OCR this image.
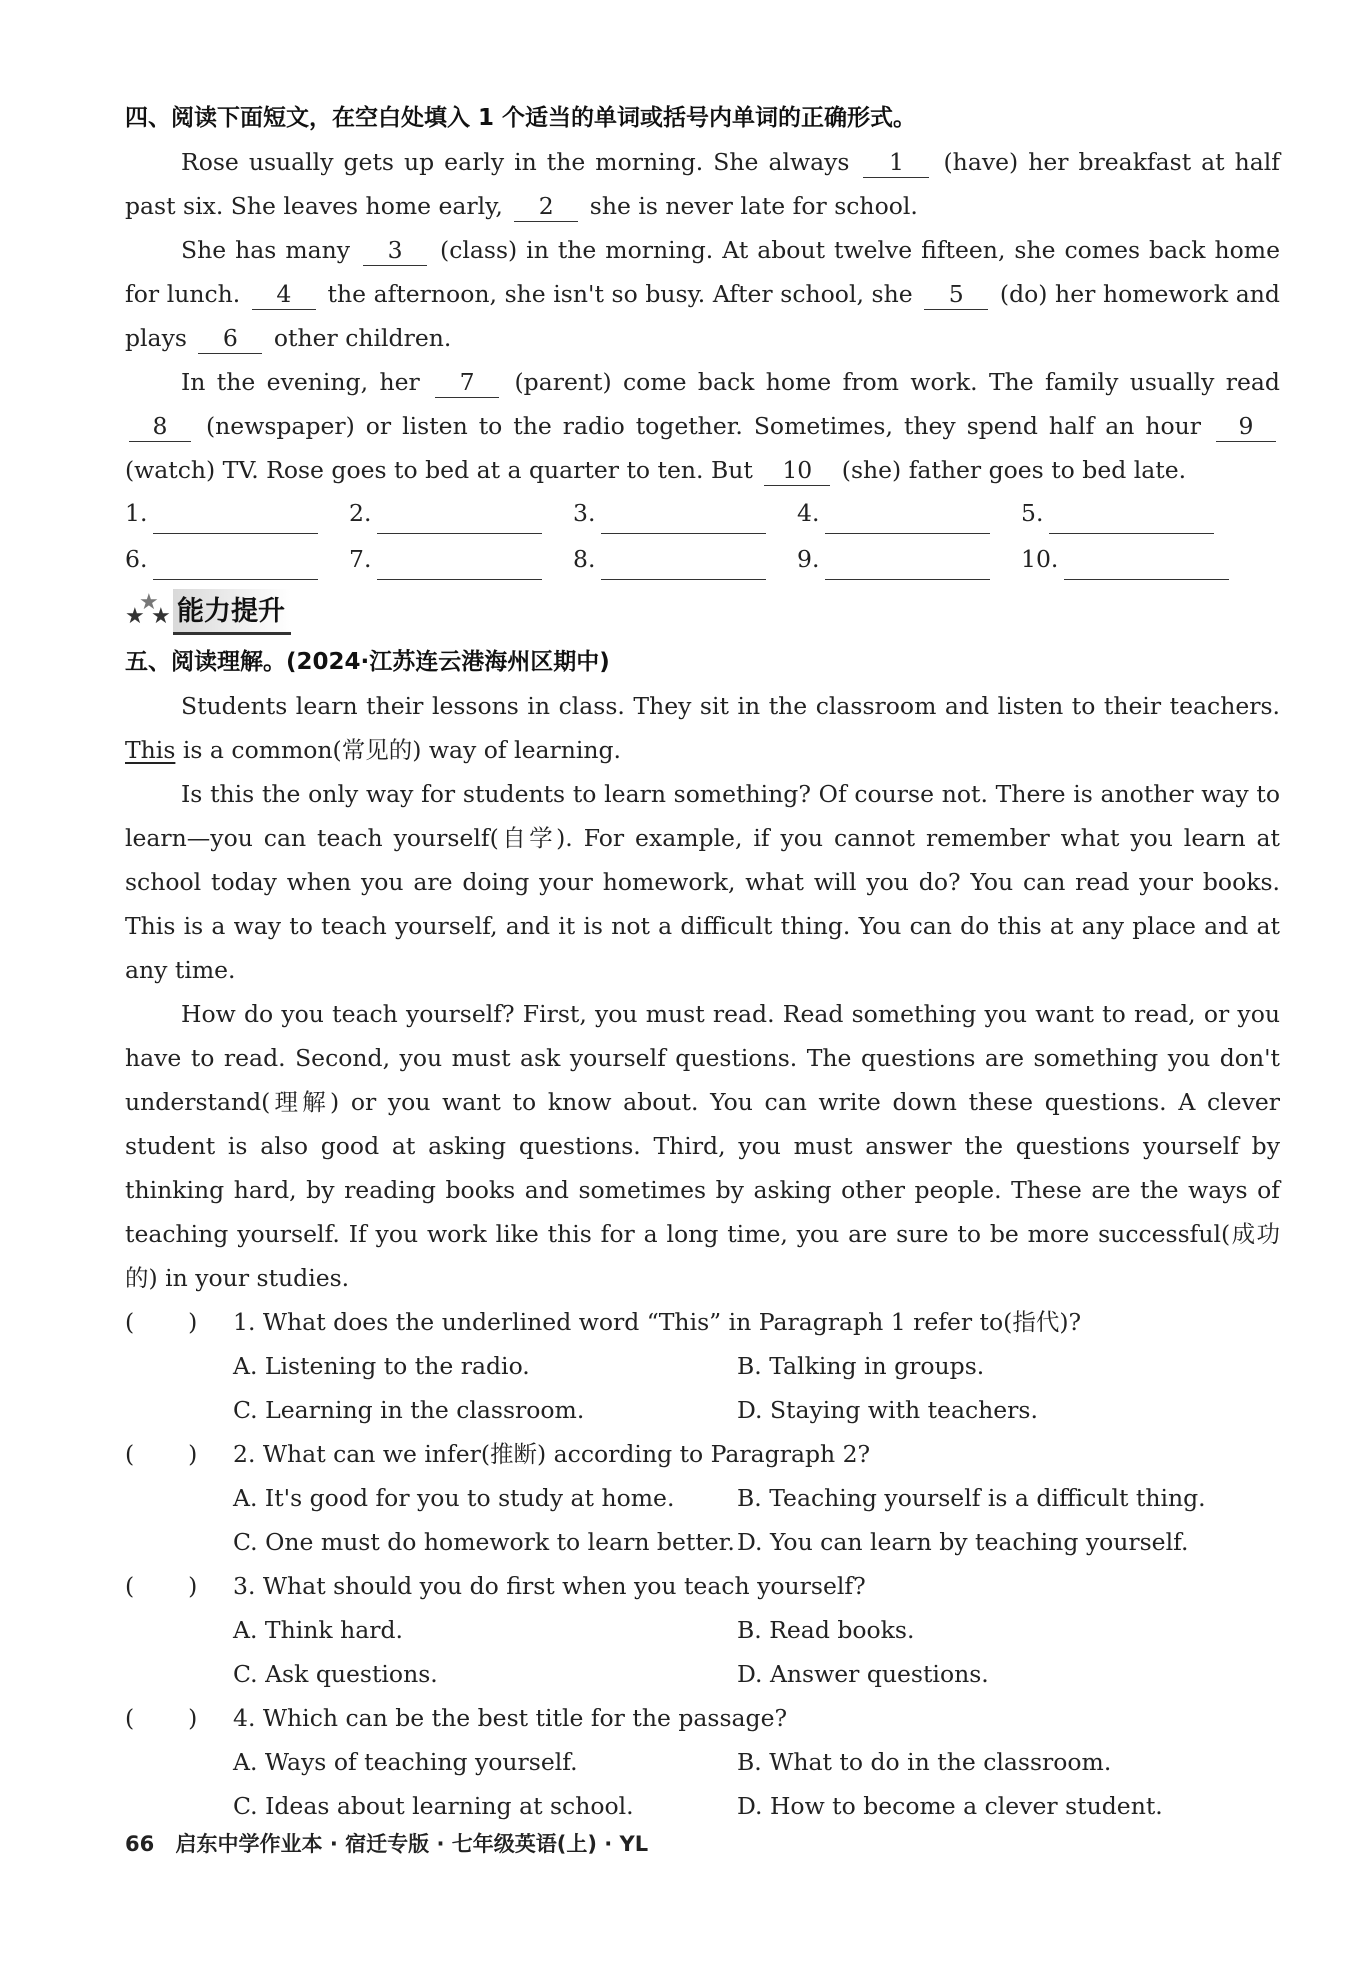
四、阅读下面短文，在空白处填入 1 个适当的单词或括号内单词的正确形式。

Rose usually gets up early in the morning. She always 1 (have) her breakfast at half past six. She leaves home early, 2 she is never late for school.

She has many 3 (class) in the morning. At about twelve fifteen, she comes back home for lunch. 4 the afternoon, she isn't so busy. After school, she 5 (do) her homework and plays 6 other children.

In the evening, her 7 (parent) come back home from work. The family usually read 8 (newspaper) or listen to the radio together. Sometimes, they spend half an hour 9 (watch) TV. Rose goes to bed at a quarter to ten. But 10 (she) father goes to bed late.

1.	2.	3.	4.	5.
6.	7.	8.	9.	10.
★
★
★ 能力提升
五、阅读理解。(2024·江苏连云港海州区期中)

Students learn their lessons in class. They sit in the classroom and listen to their teachers. This is a common(常见的) way of learning.

Is this the only way for students to learn something? Of course not. There is another way to learn—you can teach yourself(自学). For example, if you cannot remember what you learn at school today when you are doing your homework, what will you do? You can read your books. This is a way to teach yourself, and it is not a difficult thing. You can do this at any place and at any time.

How do you teach yourself? First, you must read. Read something you want to read, or you have to read. Second, you must ask yourself questions. The questions are something you don't understand(理解) or you want to know about. You can write down these questions. A clever student is also good at asking questions. Third, you must answer the questions yourself by thinking hard, by reading books and sometimes by asking other people. These are the ways of teaching yourself. If you work like this for a long time, you are sure to be more successful(成功的) in your studies.

( )	1. What does the underlined word “This” in Paragraph 1 refer to(指代)?
A. Listening to the radio.	B. Talking in groups.
C. Learning in the classroom.	D. Staying with teachers.
( )	2. What can we infer(推断) according to Paragraph 2?
A. It's good for you to study at home.	B. Teaching yourself is a difficult thing.
C. One must do homework to learn better. D. You can learn by teaching yourself.
( )	3. What should you do first when you teach yourself?
A. Think hard.	B. Read books.
C. Ask questions.	D. Answer questions.
( )	4. Which can be the best title for the passage?
A. Ways of teaching yourself.	B. What to do in the classroom.
C. Ideas about learning at school.	D. How to become a clever student.
66 启东中学作业本 · 宿迁专版 · 七年级英语(上) · YL
